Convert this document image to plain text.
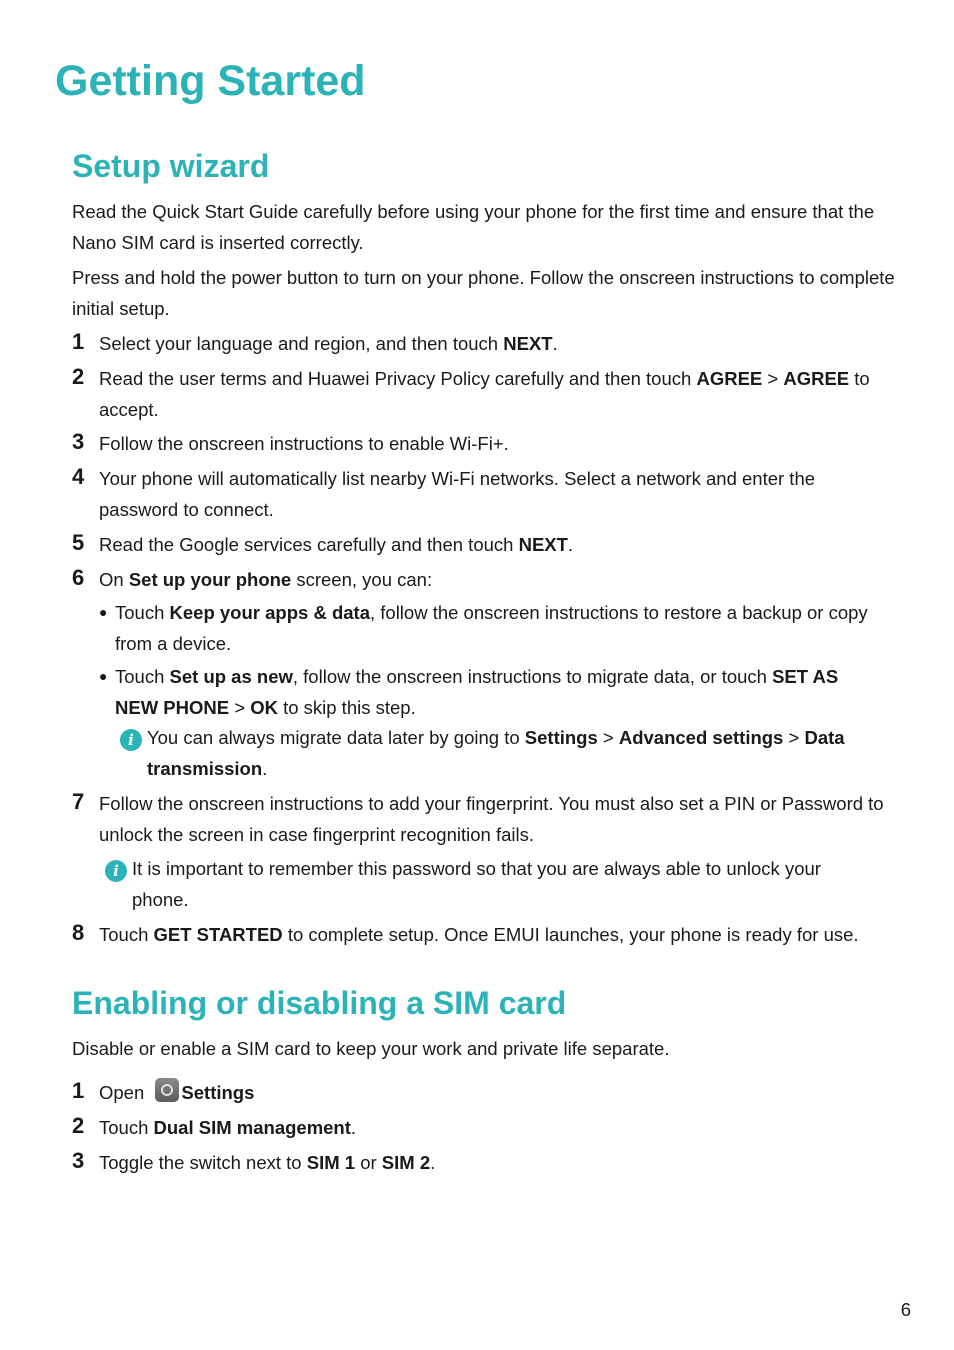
Getting Started
Setup wizard

Read the Quick Start Guide carefully before using your phone for the first time and ensure that the Nano SIM card is inserted correctly.

Press and hold the power button to turn on your phone. Follow the onscreen instructions to complete initial setup.

1 Select your language and region, and then touch NEXT.
2 Read the user terms and Huawei Privacy Policy carefully and then touch AGREE > AGREE to accept.
3 Follow the onscreen instructions to enable Wi-Fi+.
4 Your phone will automatically list nearby Wi-Fi networks. Select a network and enter the password to connect.
5 Read the Google services carefully and then touch NEXT.
6 On Set up your phone screen, you can:
● Touch Keep your apps & data, follow the onscreen instructions to restore a backup or copy from a device.
● Touch Set up as new, follow the onscreen instructions to migrate data, or touch SET AS NEW PHONE > OK to skip this step.
i You can always migrate data later by going to Settings > Advanced settings > Data transmission.
7 Follow the onscreen instructions to add your fingerprint. You must also set a PIN or Password to unlock the screen in case fingerprint recognition fails.
i It is important to remember this password so that you are always able to unlock your phone.
8 Touch GET STARTED to complete setup. Once EMUI launches, your phone is ready for use.
Enabling or disabling a SIM card

Disable or enable a SIM card to keep your work and private life separate.

1 Open Settings
2 Touch Dual SIM management.
3 Toggle the switch next to SIM 1 or SIM 2.
6
